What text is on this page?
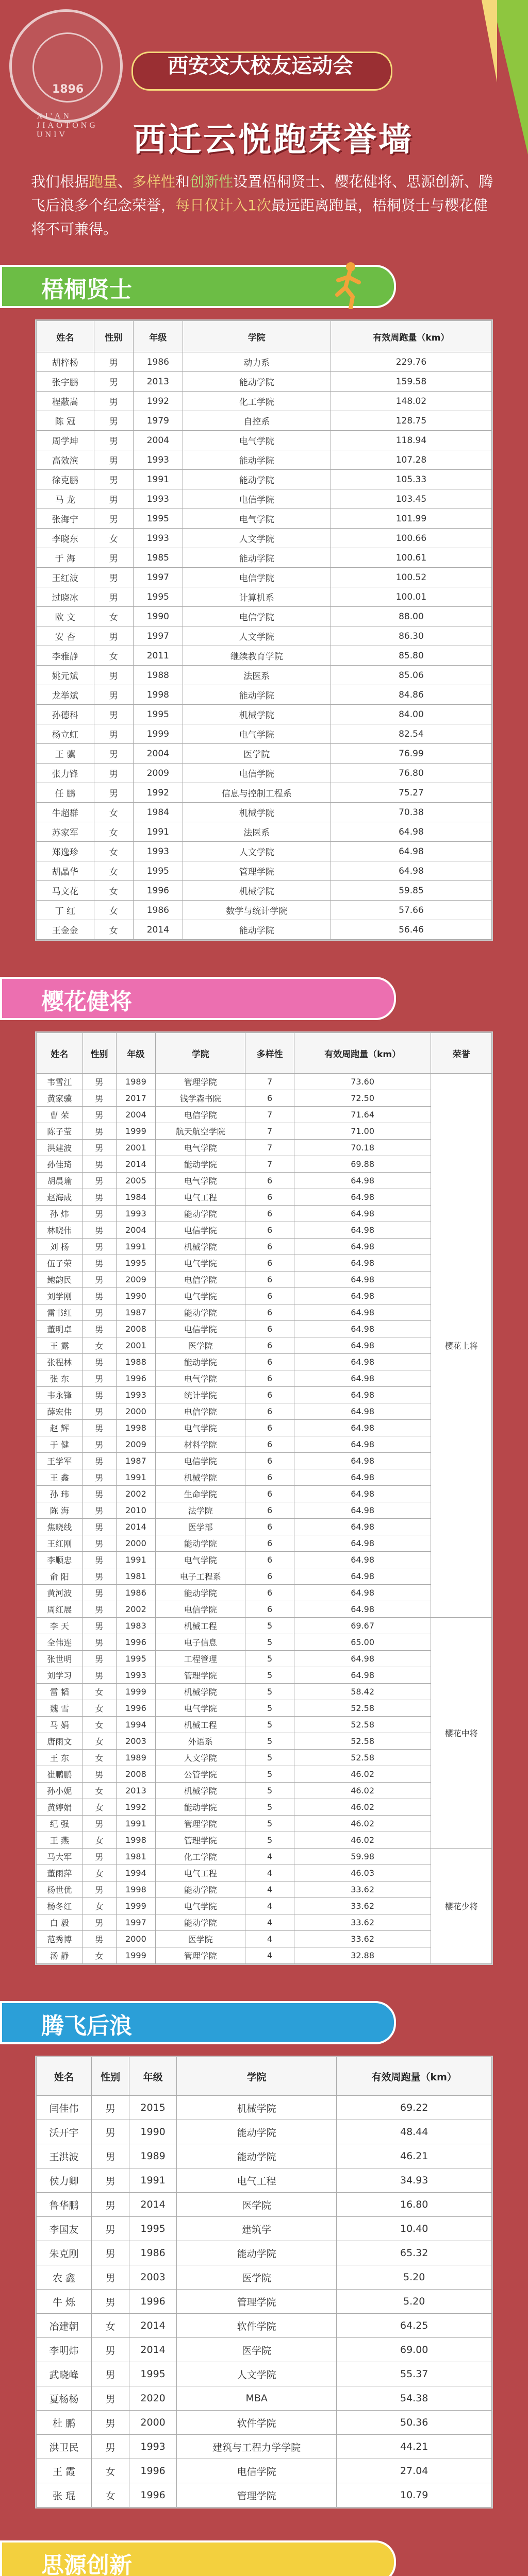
1896
XI'AN JIAOTONG UNIV
西安交大校友运动会
西迁云悦跑荣誉墙
我们根据跑量、多样性和创新性设置梧桐贤士、樱花健将、思源创新、腾飞后浪多个纪念荣誉，每日仅计入1次最远距离跑量，梧桐贤士与樱花健将不可兼得。
梧桐贤士
姓名	性别	年级	学院	有效周跑量（km）
胡梓杨	男	1986	动力系	229.76
张宇鹏	男	2013	能动学院	159.58
程蔽嵩	男	1992	化工学院	148.02
陈 冠	男	1979	自控系	128.75
周学坤	男	2004	电气学院	118.94
高效滨	男	1993	能动学院	107.28
徐克鹏	男	1991	能动学院	105.33
马 龙	男	1993	电信学院	103.45
张海宁	男	1995	电气学院	101.99
李晓东	女	1993	人文学院	100.66
于 海	男	1985	能动学院	100.61
王红波	男	1997	电信学院	100.52
过晓冰	男	1995	计算机系	100.01
欧 文	女	1990	电信学院	88.00
安 杏	男	1997	人文学院	86.30
李雅静	女	2011	继续教育学院	85.80
姚元斌	男	1988	法医系	85.06
龙举斌	男	1998	能动学院	84.86
孙德科	男	1995	机械学院	84.00
杨立虹	男	1999	电气学院	82.54
王 骥	男	2004	医学院	76.99
张力锋	男	2009	电信学院	76.80
任 鹏	男	1992	信息与控制工程系	75.27
牛超群	女	1984	机械学院	70.38
苏家军	女	1991	法医系	64.98
郑逸珍	女	1993	人文学院	64.98
胡晶华	女	1995	管理学院	64.98
马文花	女	1996	机械学院	59.85
丁 红	女	1986	数学与统计学院	57.66
王金金	女	2014	能动学院	56.46
樱花健将
姓名	性别	年级	学院	多样性	有效周跑量（km）	荣誉
韦雪江	男	1989	管理学院	7	73.60	樱花上将
黄家骥	男	2017	钱学森书院	6	72.50	
曹 荣	男	2004	电信学院	7	71.64	
陈子莹	男	1999	航天航空学院	7	71.00	
洪建波	男	2001	电气学院	7	70.18	
孙佳琦	男	2014	能动学院	7	69.88	
胡晨瑜	男	2005	电气学院	6	64.98	
赵海成	男	1984	电气工程	6	64.98	
孙 炜	男	1993	能动学院	6	64.98	
林晓伟	男	2004	电信学院	6	64.98	
刘 杨	男	1991	机械学院	6	64.98	
伍子荣	男	1995	电气学院	6	64.98	
鲍韵民	男	2009	电信学院	6	64.98	
刘学刚	男	1990	电气学院	6	64.98	
雷书红	男	1987	能动学院	6	64.98	
董明卓	男	2008	电信学院	6	64.98	
王 露	女	2001	医学院	6	64.98	
张程林	男	1988	能动学院	6	64.98	
张 东	男	1996	电气学院	6	64.98	
韦永锋	男	1993	统计学院	6	64.98	
薛宏伟	男	2000	电信学院	6	64.98	
赵 辉	男	1998	电气学院	6	64.98	
于 健	男	2009	材料学院	6	64.98	
王学军	男	1987	电信学院	6	64.98	
王 鑫	男	1991	机械学院	6	64.98	
孙 玮	男	2002	生命学院	6	64.98	
陈 海	男	2010	法学院	6	64.98	
焦晓线	男	2014	医学部	6	64.98	
王红刚	男	2000	能动学院	6	64.98	
李顺忠	男	1991	电气学院	6	64.98	
俞 阳	男	1981	电子工程系	6	64.98	
黄河波	男	1986	能动学院	6	64.98	
周红展	男	2002	电信学院	6	64.98	
李 天	男	1983	机械工程	5	69.67	樱花中将
全伟连	男	1996	电子信息	5	65.00	
张世明	男	1995	工程管理	5	64.98	
刘学习	男	1993	管理学院	5	64.98	
雷 韬	女	1999	机械学院	5	58.42	
魏 雪	女	1996	电气学院	5	52.58	
马 娟	女	1994	机械工程	5	52.58	
唐雨文	女	2003	外语系	5	52.58	
王 东	女	1989	人文学院	5	52.58	
崔鹏鹏	男	2008	公管学院	5	46.02	
孙小妮	女	2013	机械学院	5	46.02	
黄婷娟	女	1992	能动学院	5	46.02	
纪 强	男	1991	管理学院	5	46.02	
王 燕	女	1998	管理学院	5	46.02	
马大军	男	1981	化工学院	4	59.98	樱花少将
董雨萍	女	1994	电气工程	4	46.03	
杨世优	男	1998	能动学院	4	33.62	
杨冬红	女	1999	电气学院	4	33.62	
白 毅	男	1997	能动学院	4	33.62	
范秀博	男	2000	医学院	4	33.62	
汤 静	女	1999	管理学院	4	32.88	
腾飞后浪
姓名	性别	年级	学院	有效周跑量（km）
闫佳伟	男	2015	机械学院	69.22
沃开宇	男	1990	能动学院	48.44
王洪波	男	1989	能动学院	46.21
侯力卿	男	1991	电气工程	34.93
鲁华鹏	男	2014	医学院	16.80
李国友	男	1995	建筑学	10.40
朱克刚	男	1986	能动学院	65.32
农 鑫	男	2003	医学院	5.20
牛 烁	男	1996	管理学院	5.20
冶建朝	女	2014	软件学院	64.25
李明炜	男	2014	医学院	69.00
武晓峰	男	1995	人文学院	55.37
夏杨杨	男	2020	MBA	54.38
杜 鹏	男	2000	软件学院	50.36
洪卫民	男	1993	建筑与工程力学学院	44.21
王 霞	女	1996	电信学院	27.04
张 琨	女	1996	管理学院	10.79
思源创新
